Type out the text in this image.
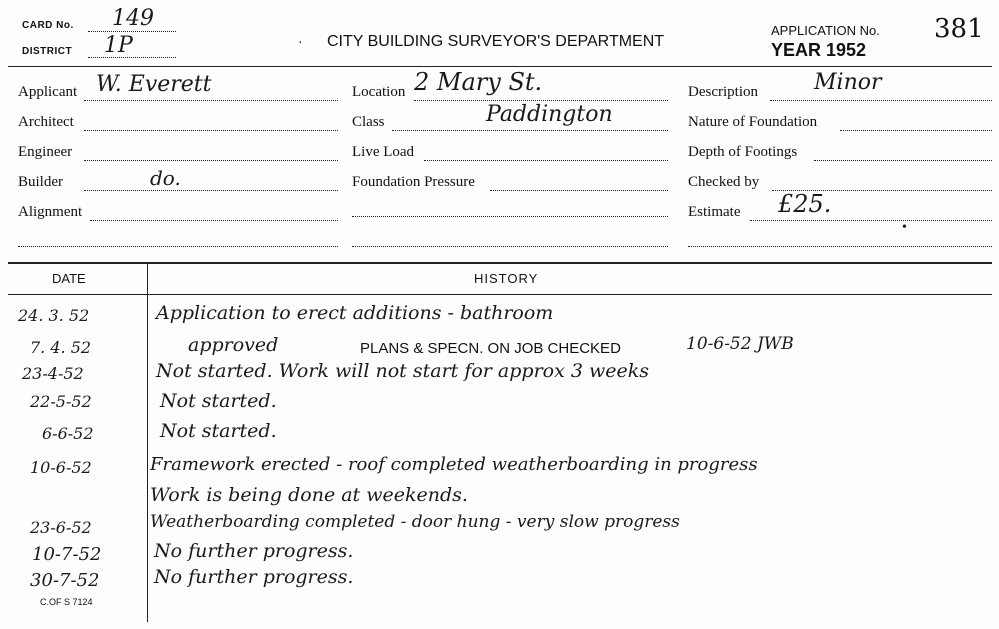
CARD No. 149
DISTRICT 1P	CITY BUILDING SURVEYOR'S DEPARTMENT
·
APPLICATION No. 381
YEAR 1952
Applicant W. Everett
Architect
Engineer
Builder	do.
Alignment
Location 2 Mary St.
Class	Paddington
Live Load
Foundation Pressure
Description	Minor
Nature of Foundation
Depth of Footings
Checked by
Estimate £25.
•
DATE	HISTORY
24. 3. 52	Application to erect additions - bathroom
7. 4. 52	approved	PLANS & SPECN. ON JOB CHECKED	10-6-52 JWB
23-4-52	Not started. Work will not start for approx 3 weeks
22-5-52	Not started.
6-6-52	Not started.
10-6-52	Framework erected - roof completed weatherboarding in progress
Work is being done at weekends.
23-6-52	Weatherboarding completed - door hung - very slow progress
10-7-52	No further progress.
30-7-52	No further progress.
C.OF S 7124
